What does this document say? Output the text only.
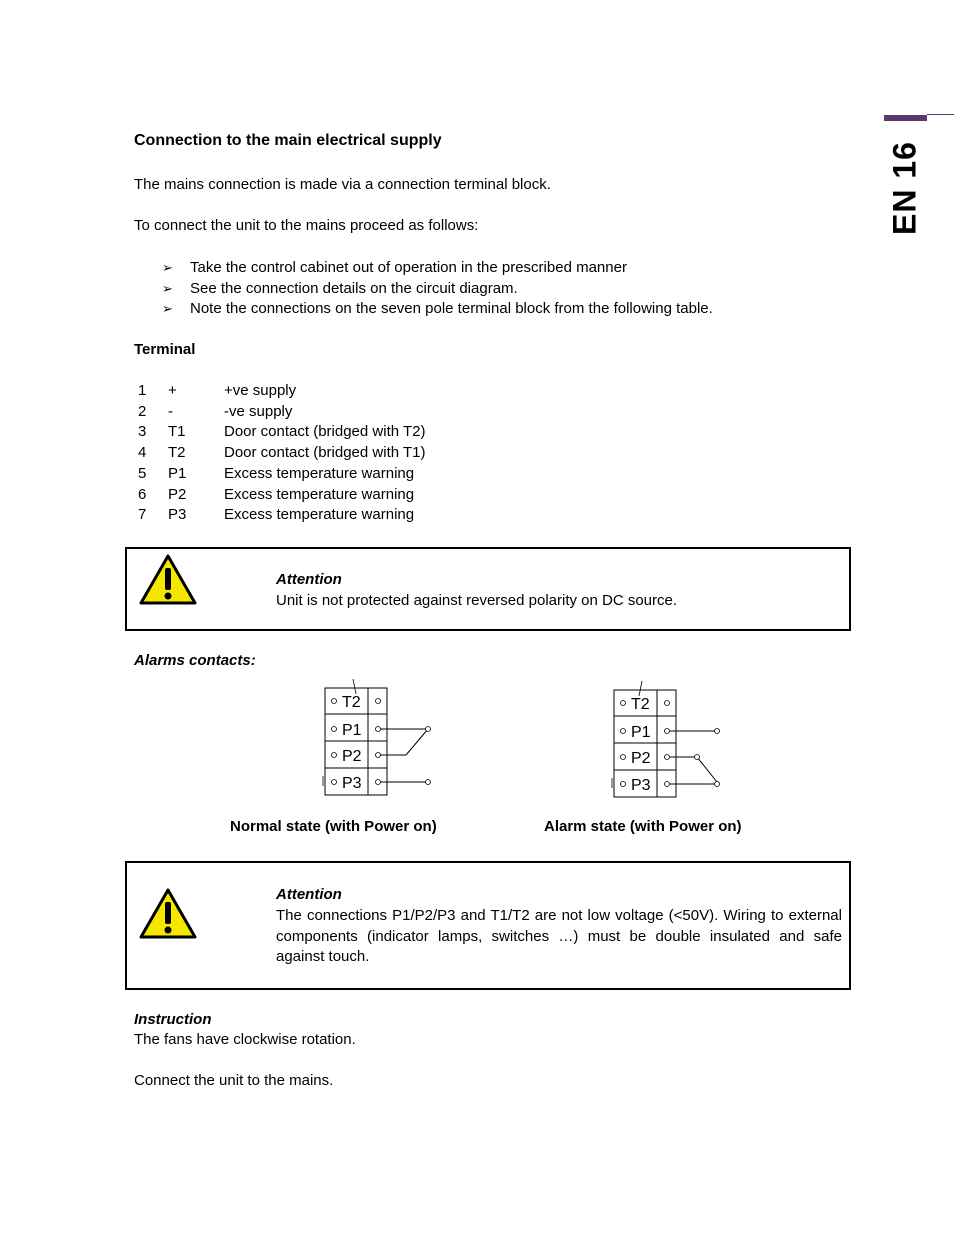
EN 16
Connection to the main electrical supply
The mains connection is made via a connection terminal block.
To connect the unit to the mains proceed as follows:
➢ Take the control cabinet out of operation in the prescribed manner
➢ See the connection details on the circuit diagram.
➢ Note the connections on the seven pole terminal block from the following table.
Terminal
1	+	+ve supply
2	-	-ve supply
3	T1	Door contact (bridged with T2)
4	T2	Door contact (bridged with T1)
5	P1	Excess temperature warning
6	P2	Excess temperature warning
7	P3	Excess temperature warning
Attention
Unit is not protected against reversed polarity on DC source.
Alarms contacts:
T2
P1
P2
P3
T2
P1
P2
P3
Normal state (with Power on)	Alarm state (with Power on)
Attention
The connections P1/P2/P3 and T1/T2 are not low voltage (<50V). Wiring to external components (indicator lamps, switches …) must be double insulated and safe against touch.
Instruction
The fans have clockwise rotation.
Connect the unit to the mains.
